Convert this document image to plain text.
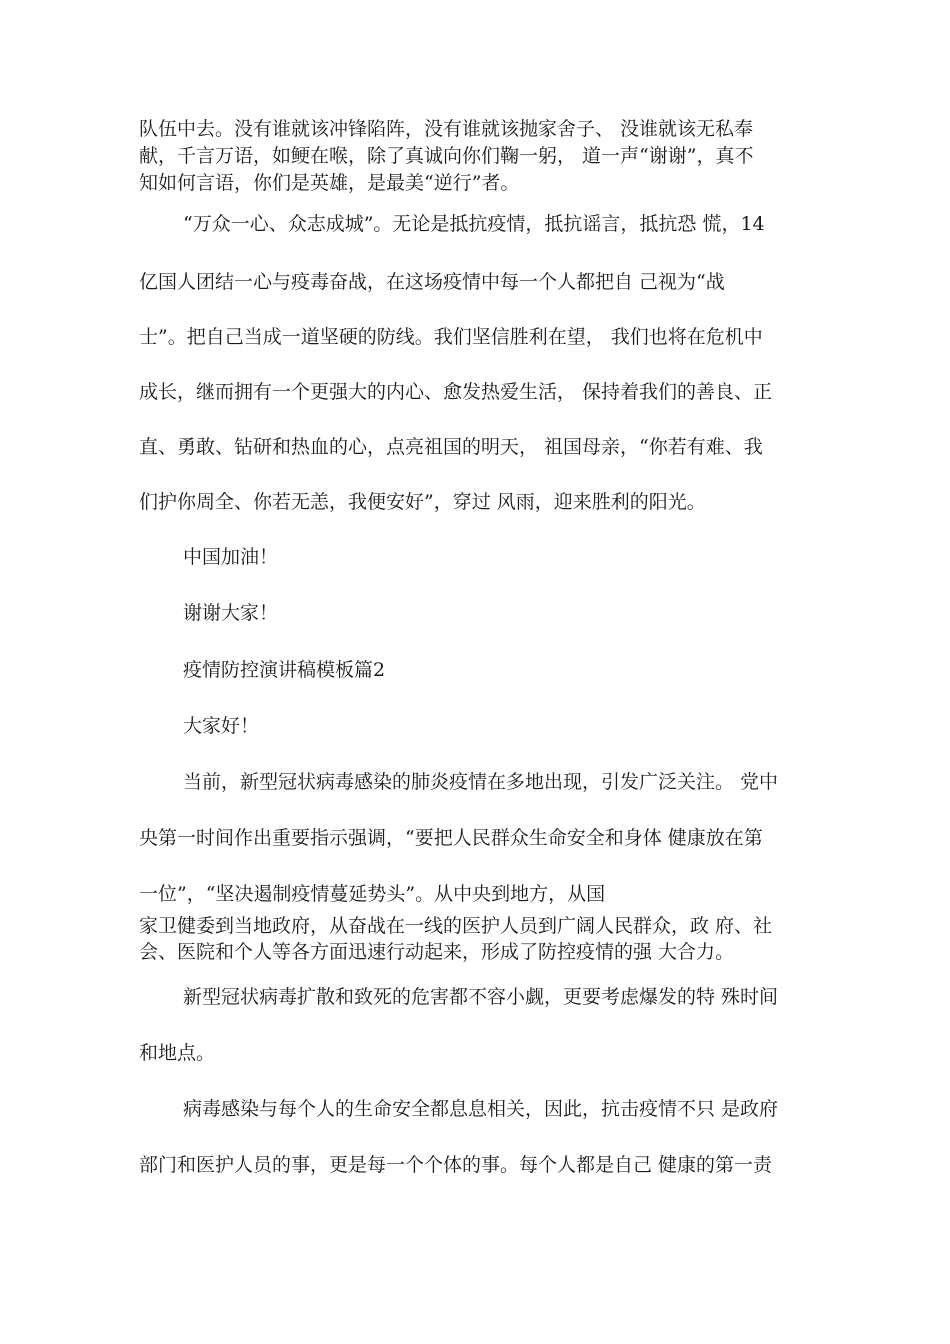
队伍中去。没有谁就该冲锋陷阵，没有谁就该抛家舍子、 没谁就该无私奉
献，千言万语，如鲠在喉，除了真诚向你们鞠一躬， 道一声“谢谢”，真不
知如何言语，你们是英雄，是最美“逆行”者。
“万众一心、众志成城”。无论是抵抗疫情，抵抗谣言，抵抗恐 慌，14
亿国人团结一心与疫毒奋战，在这场疫情中每一个人都把自 己视为“战
士”。把自己当成一道坚硬的防线。我们坚信胜利在望， 我们也将在危机中
成长，继而拥有一个更强大的内心、愈发热爱生活， 保持着我们的善良、正
直、勇敢、钻研和热血的心，点亮祖国的明天， 祖国母亲，“你若有难、我
们护你周全、你若无恙，我便安好”，穿过 风雨，迎来胜利的阳光。
中国加油！
谢谢大家！
疫情防控演讲稿模板篇2
大家好！
当前，新型冠状病毒感染的肺炎疫情在多地出现，引发广泛关注。 党中
央第一时间作出重要指示强调，“要把人民群众生命安全和身体 健康放在第
一位”，“坚决遏制疫情蔓延势头”。从中央到地方，从国
家卫健委到当地政府，从奋战在一线的医护人员到广阔人民群众，政 府、社
会、医院和个人等各方面迅速行动起来，形成了防控疫情的强 大合力。
新型冠状病毒扩散和致死的危害都不容小觑，更要考虑爆发的特 殊时间
和地点。
病毒感染与每个人的生命安全都息息相关，因此，抗击疫情不只 是政府
部门和医护人员的事，更是每一个个体的事。每个人都是自己 健康的第一责
